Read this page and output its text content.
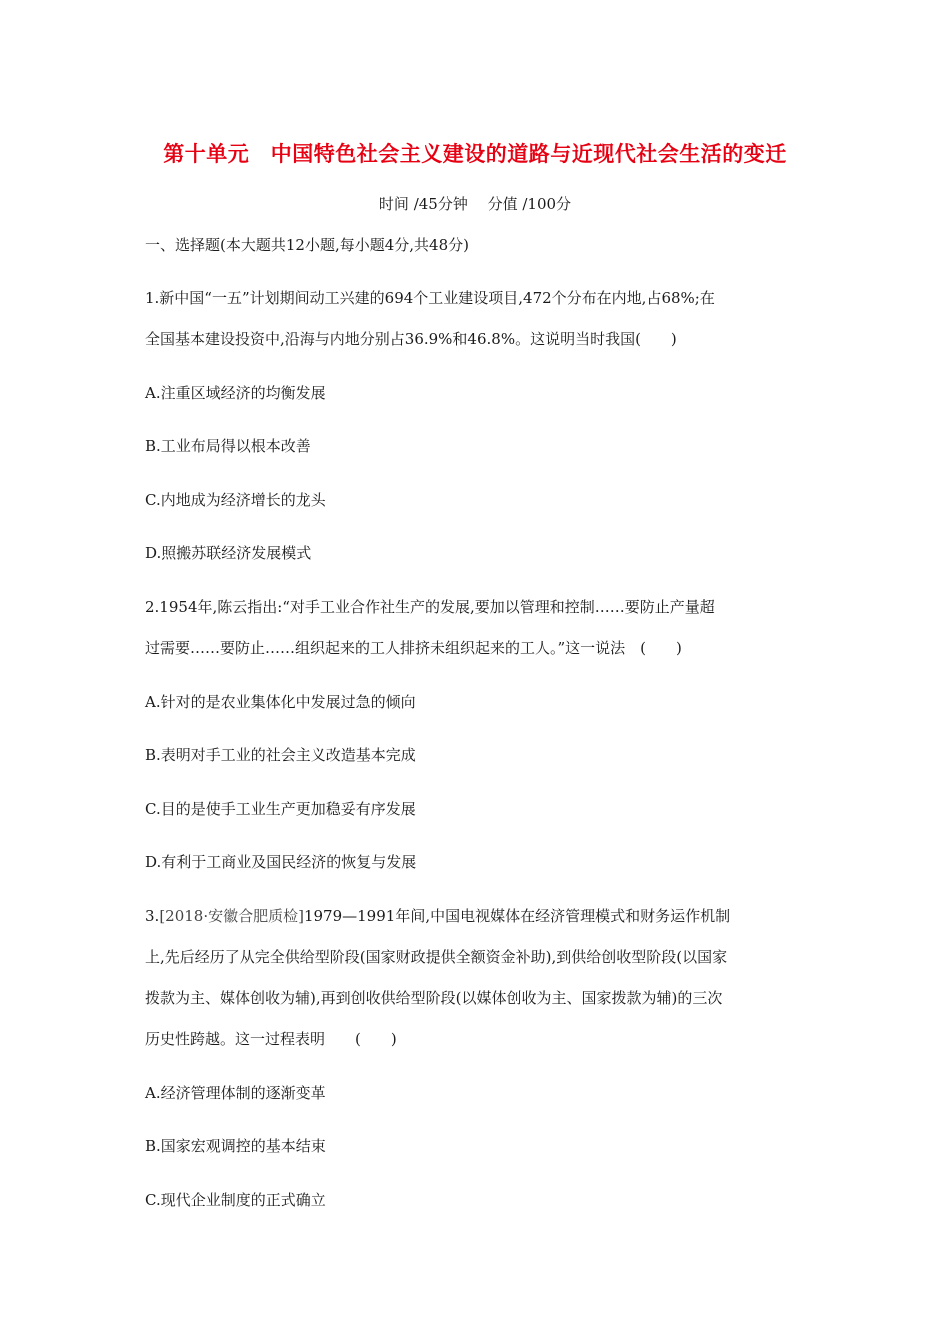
第十单元　中国特色社会主义建设的道路与近现代社会生活的变迁
时间 /45分钟　 分值 /100分
一、选择题(本大题共12小题,每小题4分,共48分)
1.新中国“一五”计划期间动工兴建的694个工业建设项目,472个分布在内地,占68%;在
全国基本建设投资中,沿海与内地分别占36.9%和46.8%。这说明当时我国(　　)
A.注重区域经济的均衡发展
B.工业布局得以根本改善
C.内地成为经济增长的龙头
D.照搬苏联经济发展模式
2.1954年,陈云指出:“对手工业合作社生产的发展,要加以管理和控制……要防止产量超
过需要……要防止……组织起来的工人排挤未组织起来的工人。”这一说法　(　　)
A.针对的是农业集体化中发展过急的倾向
B.表明对手工业的社会主义改造基本完成
C.目的是使手工业生产更加稳妥有序发展
D.有利于工商业及国民经济的恢复与发展
3.[2018·安徽合肥质检]1979—1991年间,中国电视媒体在经济管理模式和财务运作机制
上,先后经历了从完全供给型阶段(国家财政提供全额资金补助),到供给创收型阶段(以国家
拨款为主、媒体创收为辅),再到创收供给型阶段(以媒体创收为主、国家拨款为辅)的三次
历史性跨越。这一过程表明　　(　　)
A.经济管理体制的逐渐变革
B.国家宏观调控的基本结束
C.现代企业制度的正式确立
